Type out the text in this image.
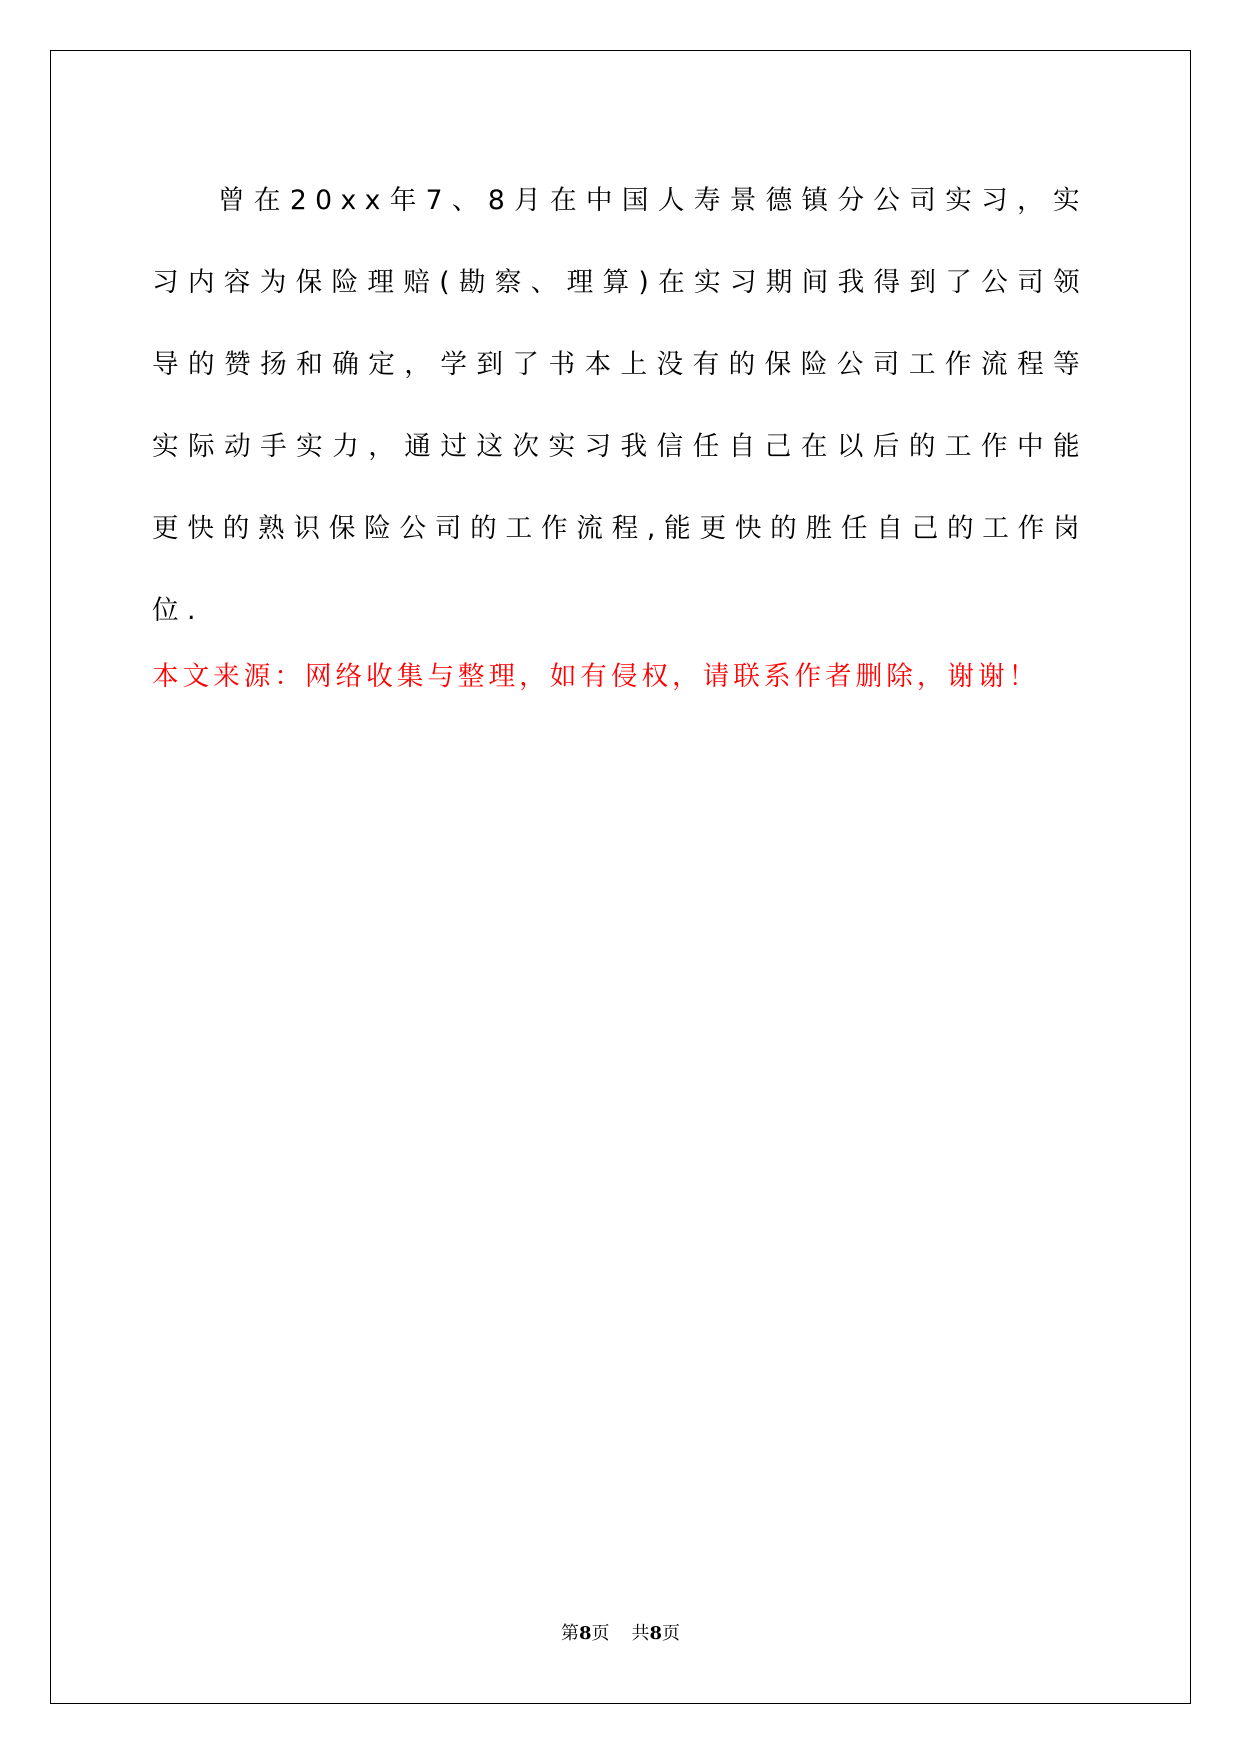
曾在20xx年7、8月在中国人寿景德镇分公司实习，实习内容为保险理赔(勘察、理算)在实习期间我得到了公司领导的赞扬和确定，学到了书本上没有的保险公司工作流程等实际动手实力，通过这次实习我信任自己在以后的工作中能更快的熟识保险公司的工作流程,能更快的胜任自己的工作岗位.

本文来源：网络收集与整理，如有侵权，请联系作者删除，谢谢！

第8页 共8页
